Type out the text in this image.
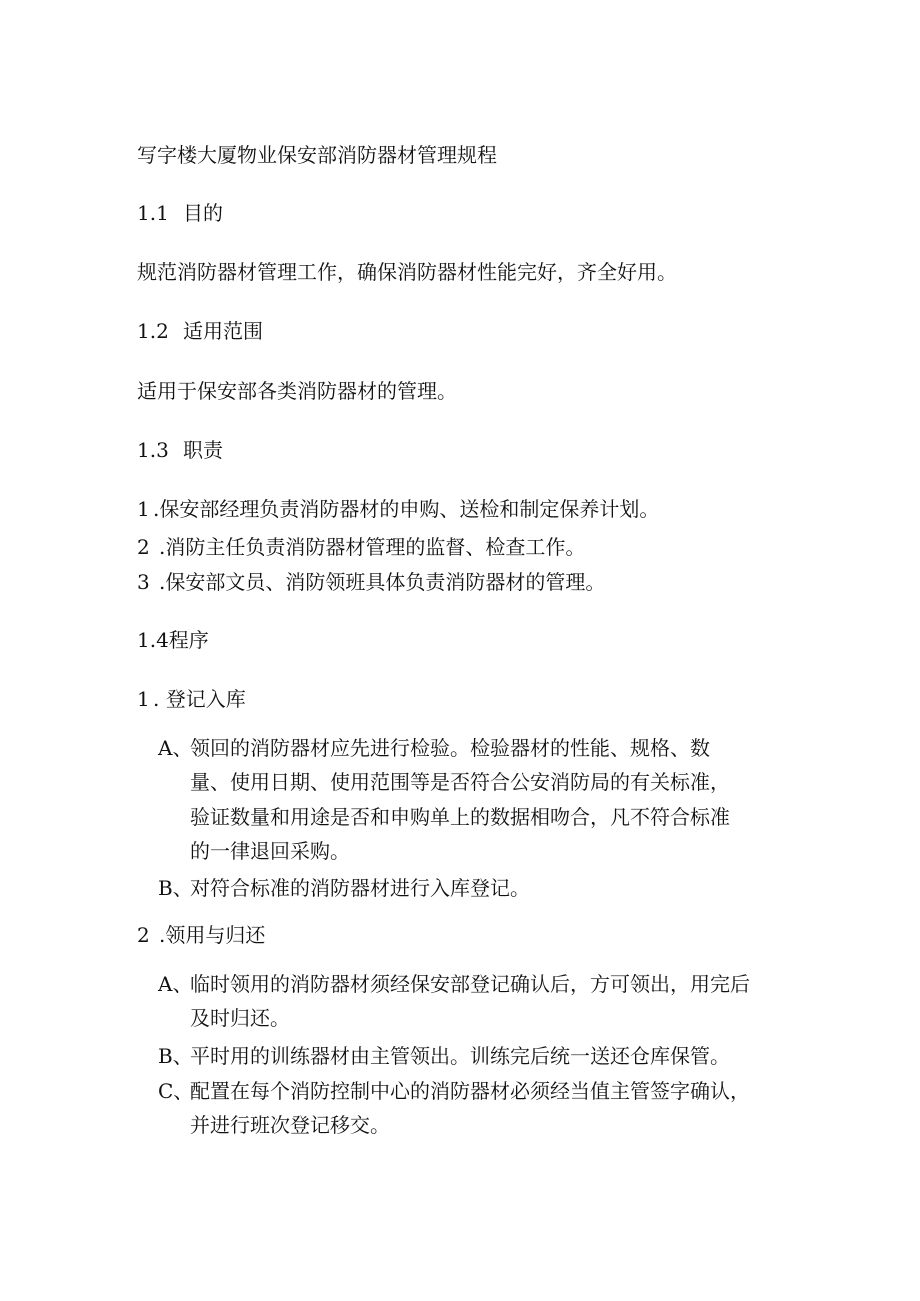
写字楼大厦物业保安部消防器材管理规程
1.1 目的
规范消防器材管理工作，确保消防器材性能完好，齐全好用。
1.2 适用范围
适用于保安部各类消防器材的管理。
1.3 职责
1 .保安部经理负责消防器材的申购、送检和制定保养计划。
2 .消防主任负责消防器材管理的监督、检查工作。
3 .保安部文员、消防领班具体负责消防器材的管理。
1.4程序
1 . 登记入库
A、
领回的消防器材应先进行检验。检验器材的性能、规格、数
量、使用日期、使用范围等是否符合公安消防局的有关标准，
验证数量和用途是否和申购单上的数据相吻合，凡不符合标准
的一律退回采购。
B、
对符合标准的消防器材进行入库登记。
2 .领用与归还
A、
临时领用的消防器材须经保安部登记确认后，方可领出，用完后
及时归还。
B、
平时用的训练器材由主管领出。训练完后统一送还仓库保管。
C、
配置在每个消防控制中心的消防器材必须经当值主管签字确认，
并进行班次登记移交。
